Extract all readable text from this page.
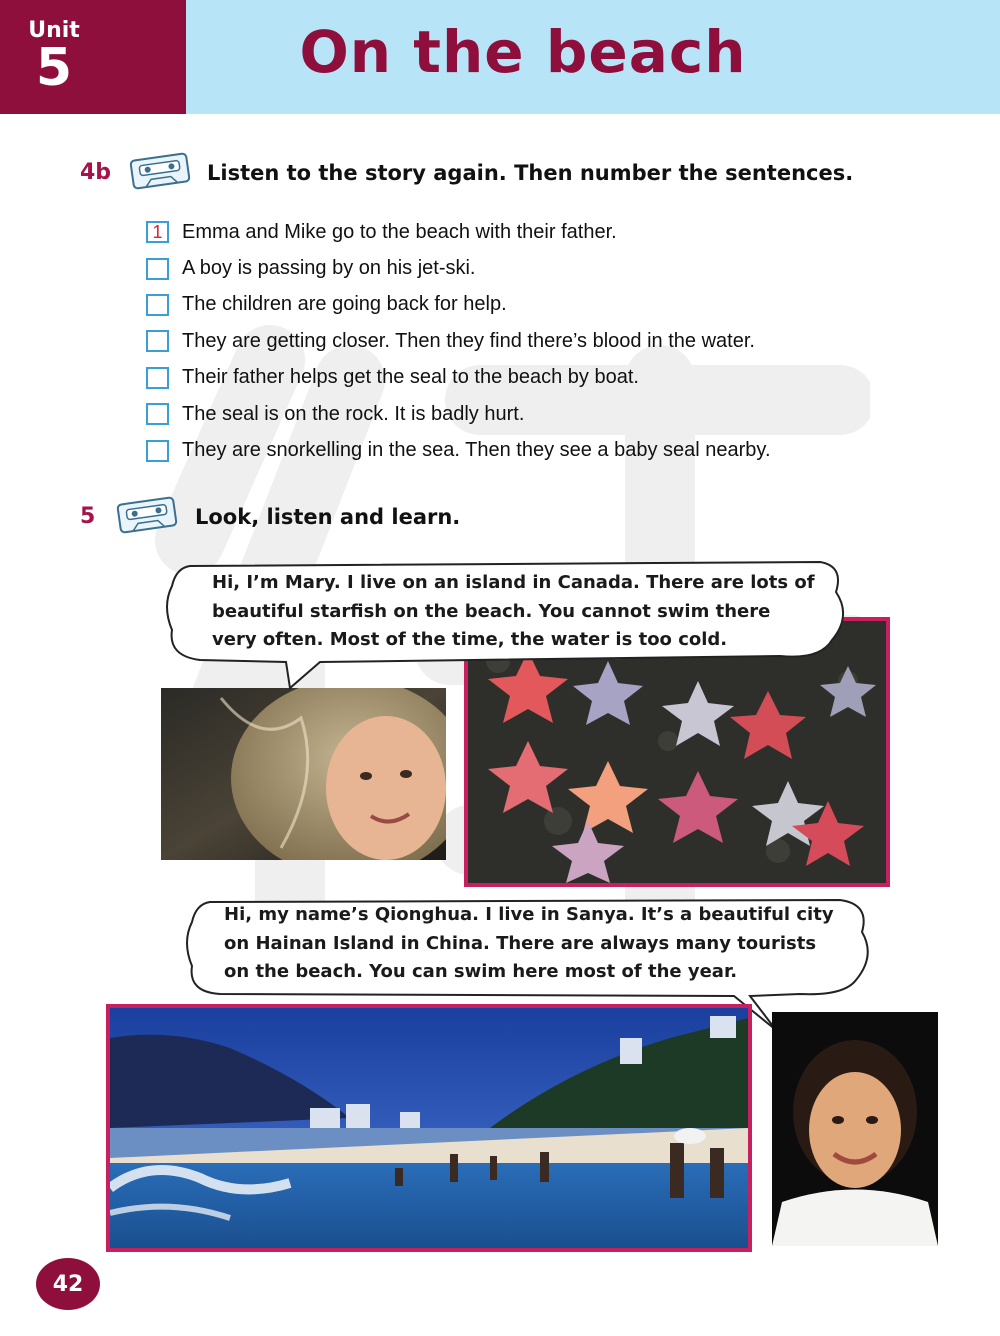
Unit
5	On the beach
4b	Listen to the story again. Then number the sentences.
1 Emma and Mike go to the beach with their father.
A boy is passing by on his jet-ski.
The children are going back for help.
They are getting closer. Then they find there’s blood in the water.
Their father helps get the seal to the beach by boat.
The seal is on the rock. It is badly hurt.
They are snorkelling in the sea. Then they see a baby seal nearby.
5	Look, listen and learn.
Hi, I’m Mary. I live on an island in Canada. There are lots of
beautiful starfish on the beach. You cannot swim there
very often. Most of the time, the water is too cold.
Hi, my name’s Qionghua. I live in Sanya. It’s a beautiful city
on Hainan Island in China. There are always many tourists
on the beach. You can swim here most of the year.
42
